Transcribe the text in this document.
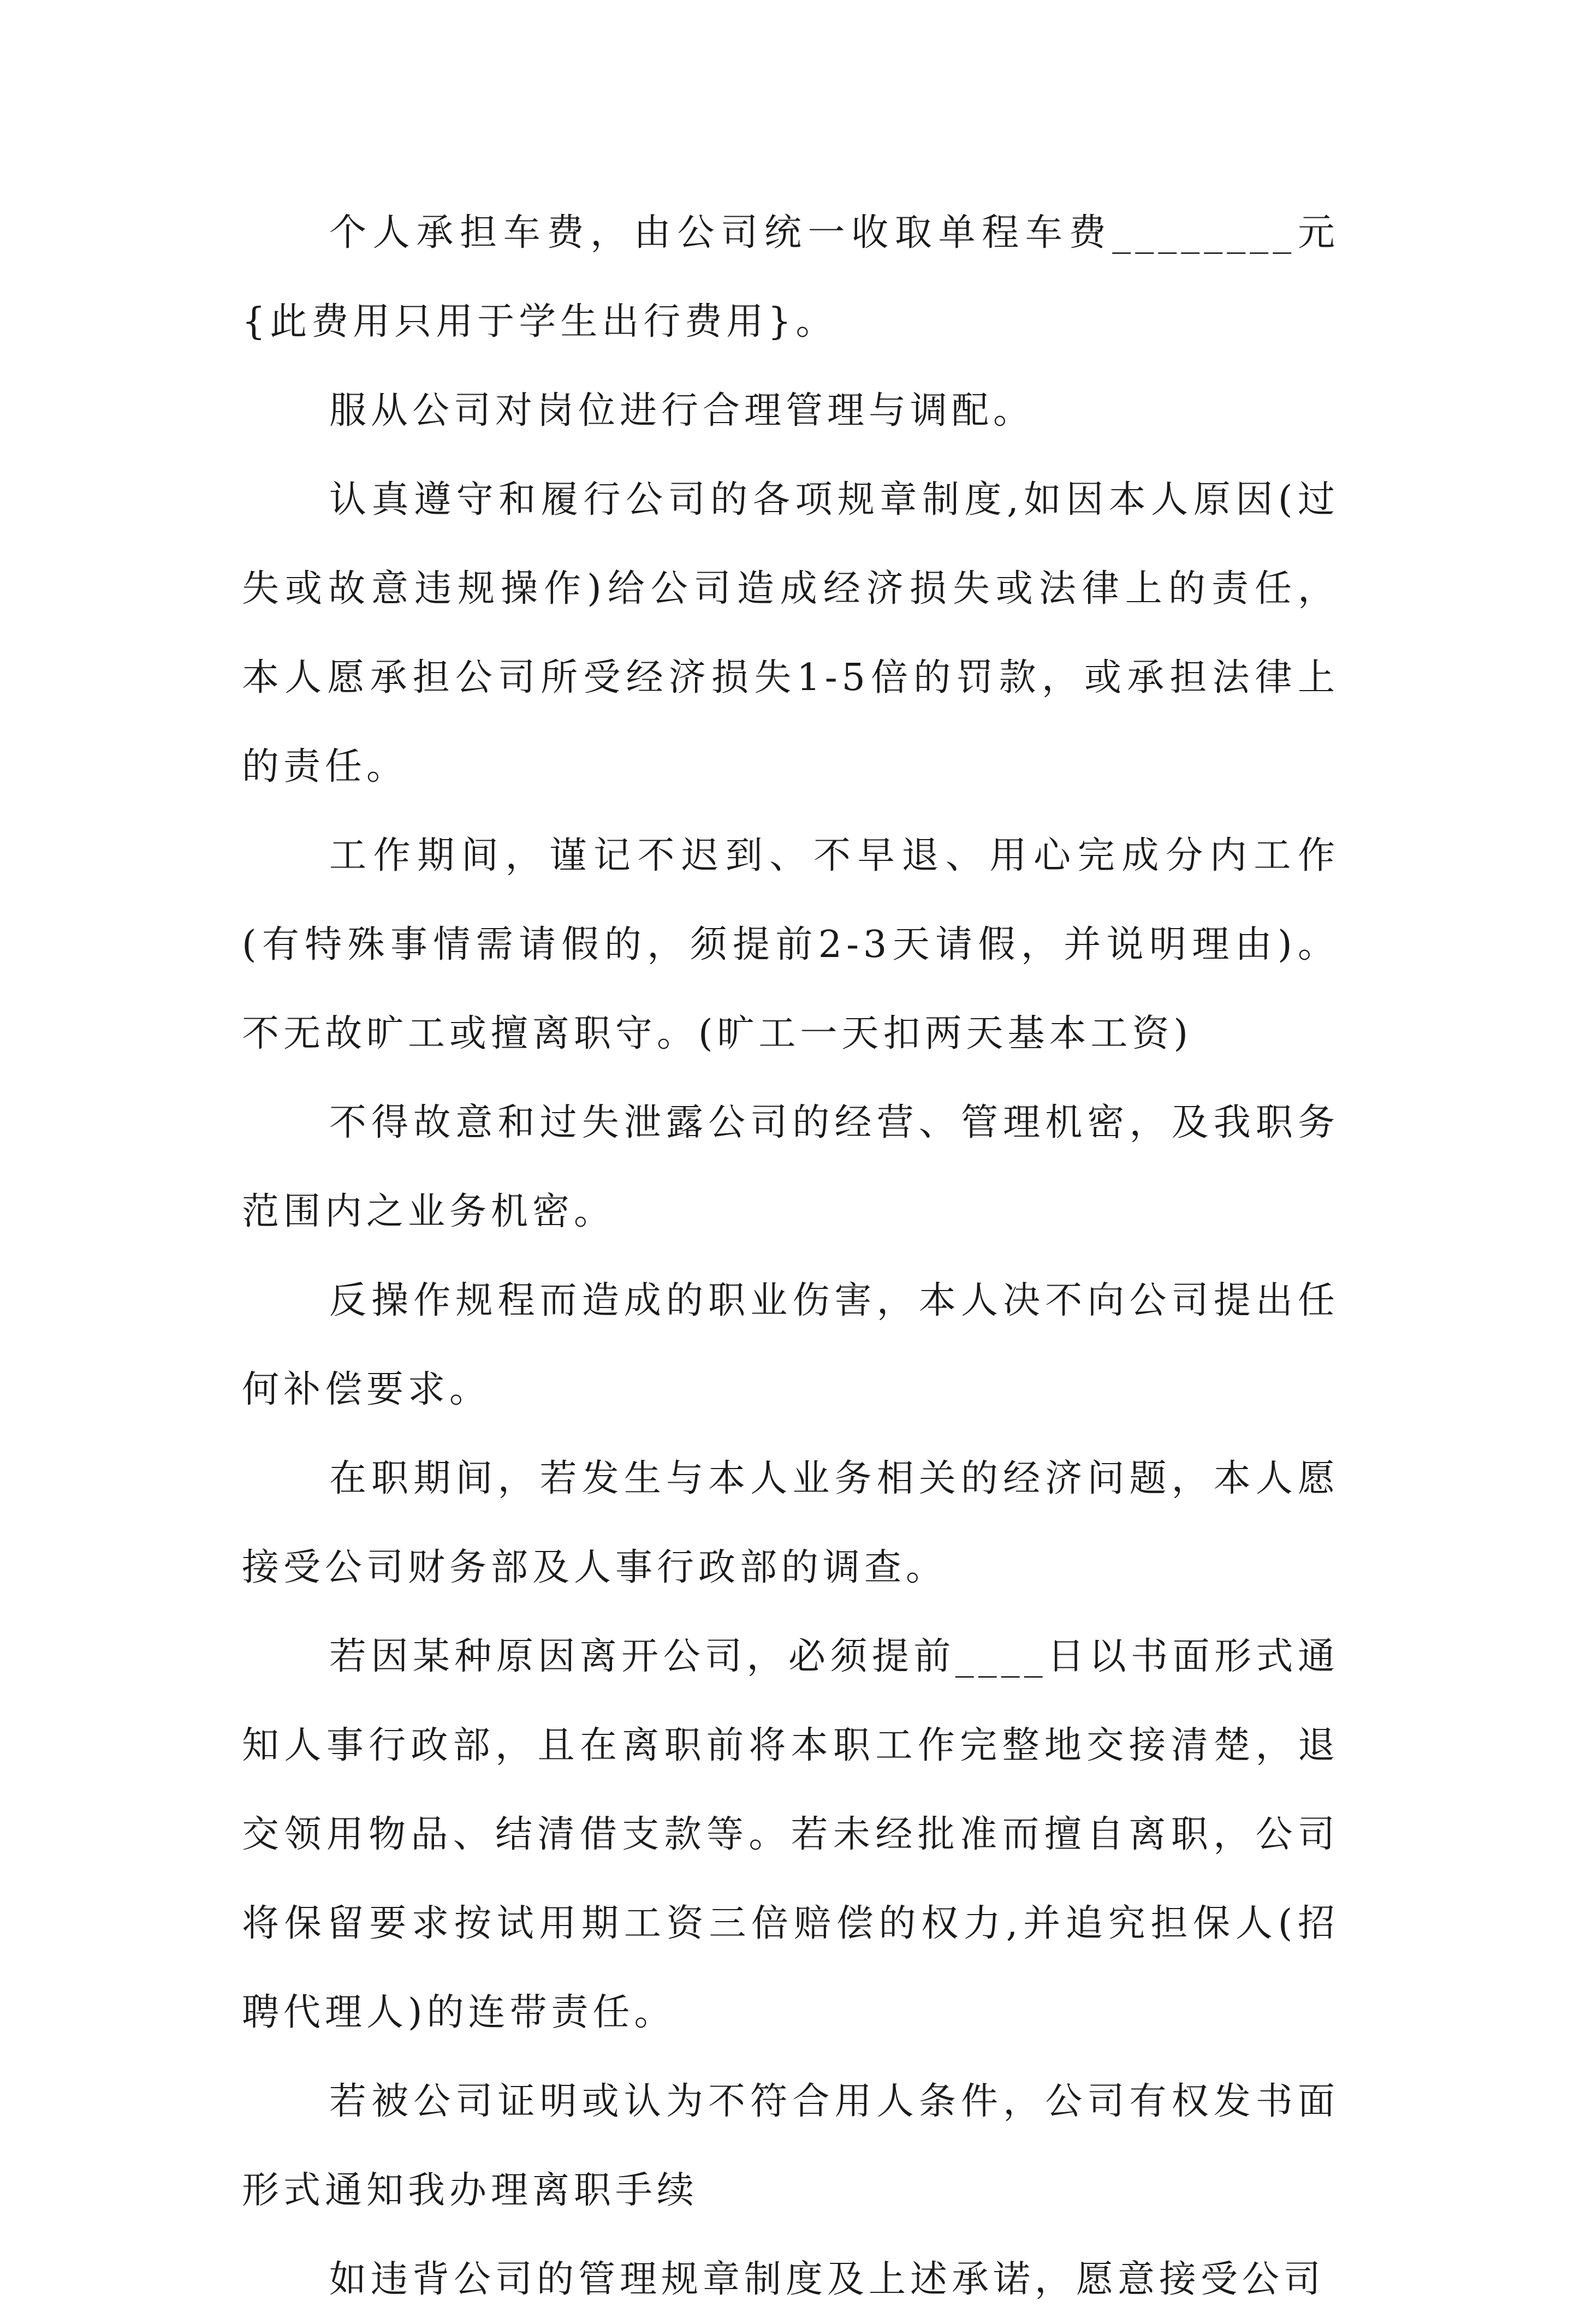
个人承担车费，由公司统一收取单程车费________元{此费用只用于学生出行费用}。

服从公司对岗位进行合理管理与调配。

认真遵守和履行公司的各项规章制度,如因本人原因(过失或故意违规操作)给公司造成经济损失或法律上的责任，本人愿承担公司所受经济损失1-5倍的罚款，或承担法律上的责任。

工作期间，谨记不迟到、不早退、用心完成分内工作(有特殊事情需请假的，须提前2-3天请假，并说明理由)。不无故旷工或擅离职守。(旷工一天扣两天基本工资)

不得故意和过失泄露公司的经营、管理机密，及我职务范围内之业务机密。

反操作规程而造成的职业伤害，本人决不向公司提出任何补偿要求。

在职期间，若发生与本人业务相关的经济问题，本人愿接受公司财务部及人事行政部的调查。

若因某种原因离开公司，必须提前____日以书面形式通知人事行政部，且在离职前将本职工作完整地交接清楚，退交领用物品、结清借支款等。若未经批准而擅自离职，公司将保留要求按试用期工资三倍赔偿的权力,并追究担保人(招聘代理人)的连带责任。

若被公司证明或认为不符合用人条件，公司有权发书面形式通知我办理离职手续

如违背公司的管理规章制度及上述承诺，愿意接受公司
